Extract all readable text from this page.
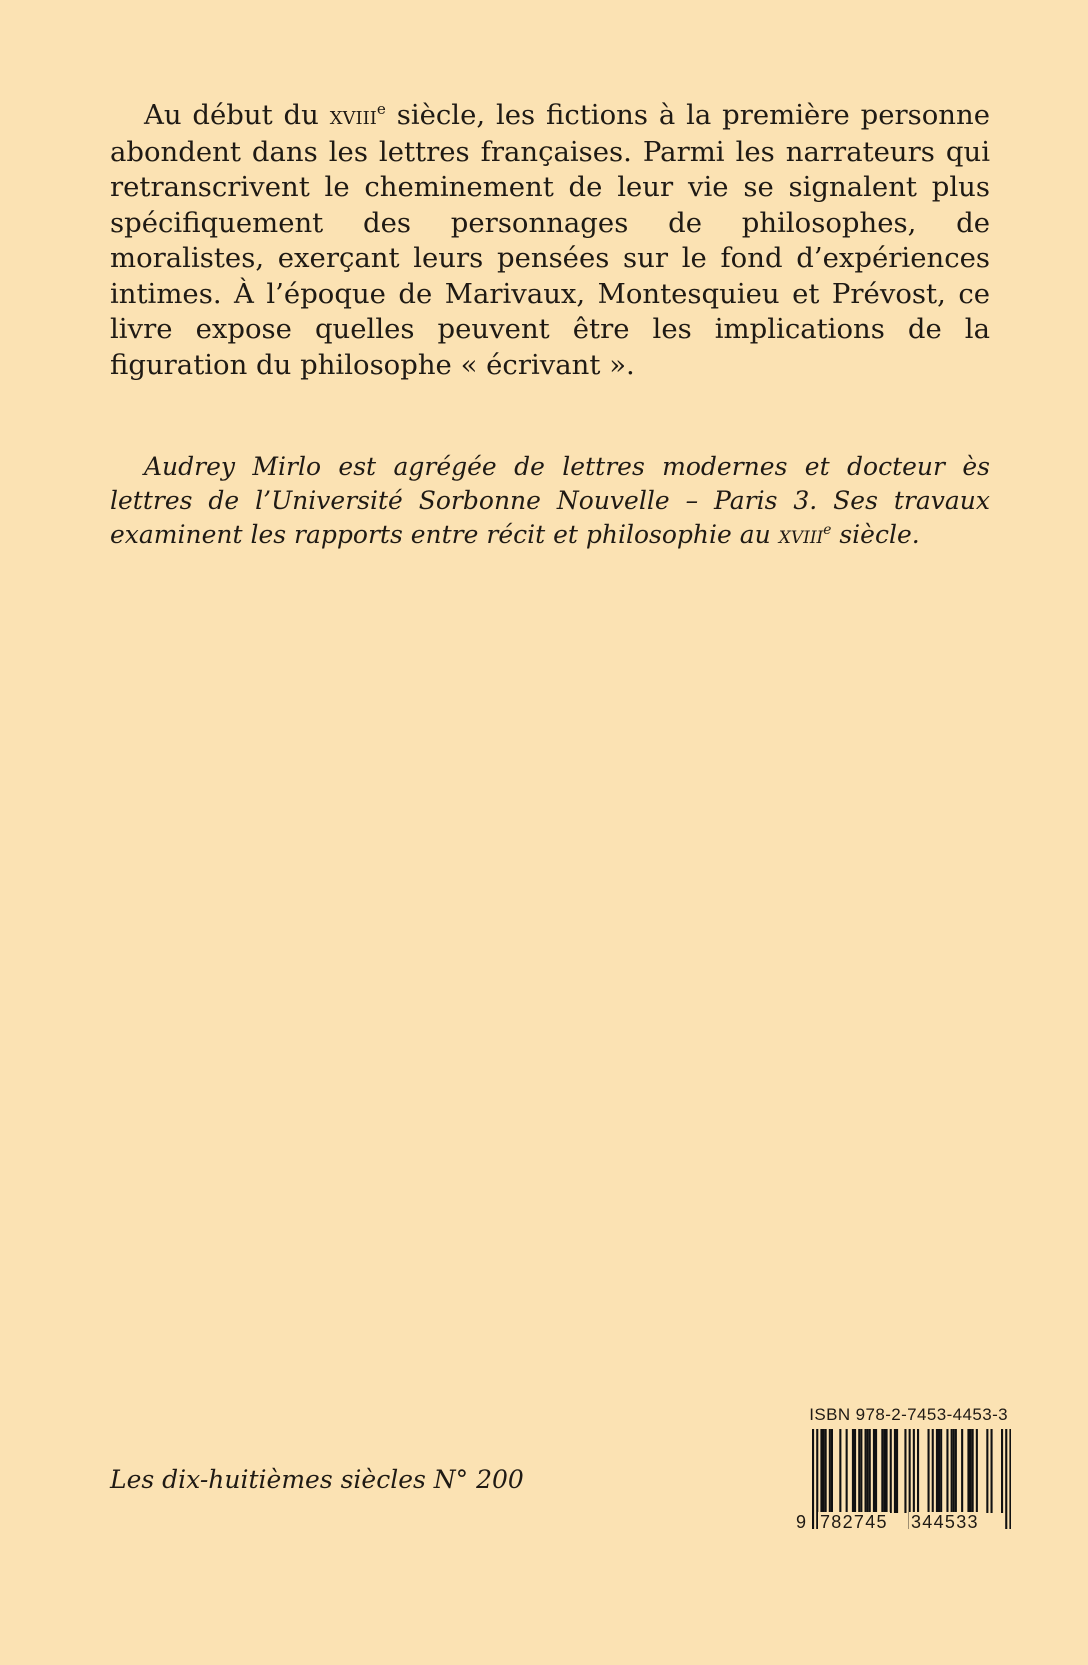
Au début du xviii$^e$ siècle, les fictions à la première personne abondent dans les lettres françaises. Parmi les narrateurs qui retranscrivent le cheminement de leur vie se signalent plus spécifiquement des personnages de philosophes, de moralistes, exerçant leurs pensées sur le fond d’expériences intimes. À l’époque de Marivaux, Montesquieu et Prévost, ce livre expose quelles peuvent être les implications de la figuration du philosophe « écrivant ».

Audrey Mirlo est agrégée de lettres modernes et docteur ès lettres de l’Université Sorbonne Nouvelle – Paris 3. Ses travaux examinent les rapports entre récit et philosophie au xviii$^e$ siècle.

Les dix-huitièmes siècles N° 200

ISBN 978-2-7453-4453-3

9 782745 344533
